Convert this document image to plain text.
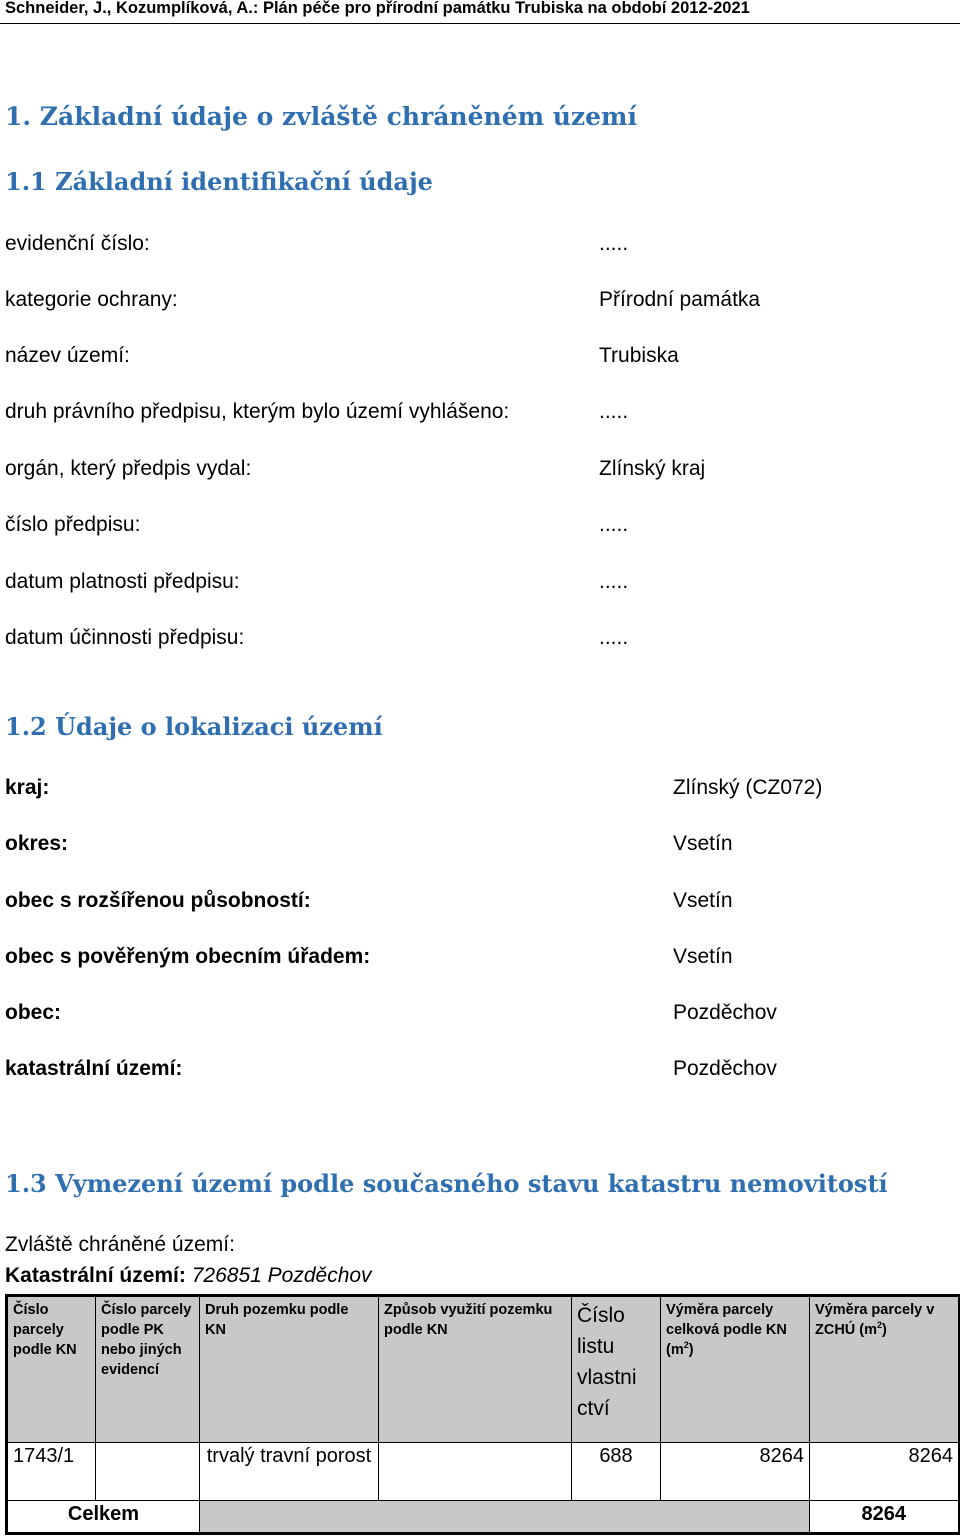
Schneider, J., Kozumplíková, A.: Plán péče pro přírodní památku Trubiska na období 2012-2021
1. Základní údaje o zvláště chráněném území
1.1 Základní identifikační údaje
evidenční číslo:	.....
kategorie ochrany:	Přírodní památka
název území:	Trubiska
druh právního předpisu, kterým bylo území vyhlášeno:	.....
orgán, který předpis vydal:	Zlínský kraj
číslo předpisu:	.....
datum platnosti předpisu:	.....
datum účinnosti předpisu:	.....
1.2 Údaje o lokalizaci území
kraj:	Zlínský (CZ072)
okres:	Vsetín
obec s rozšířenou působností:	Vsetín
obec s pověřeným obecním úřadem:	Vsetín
obec:	Pozděchov
katastrální území:	Pozděchov
1.3 Vymezení území podle současného stavu katastru nemovitostí
Zvláště chráněné území:
Katastrální území: 726851 Pozděchov
Číslo parcely podle KN	Číslo parcely podle PK nebo jiných evidencí	Druh pozemku podle KN	Způsob využití pozemku podle KN	Číslo listu vlastni ctví	Výměra parcely celková podle KN $(m^2)$	Výměra parcely v ZCHÚ $(m^2)$
1743/1		trvalý travní porost		688	8264	8264
Celkem						8264
